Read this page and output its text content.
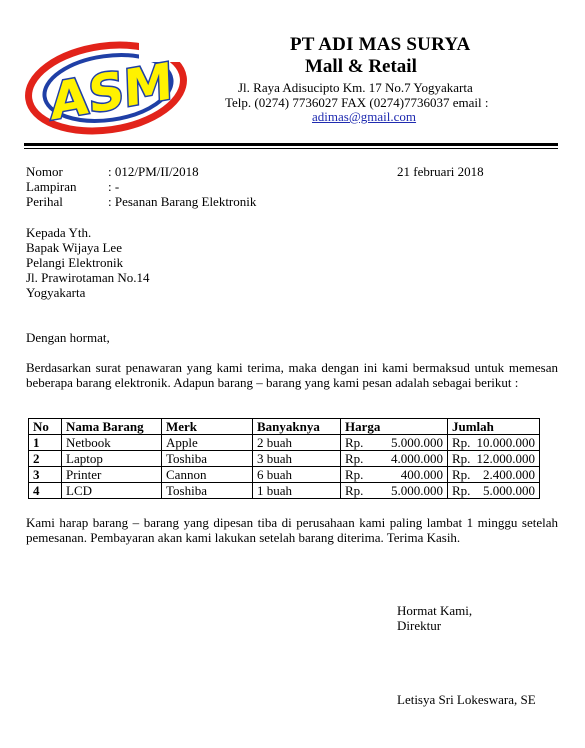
ASM
PT ADI MAS SURYA
Mall & Retail
Jl. Raya Adisucipto Km. 17 No.7 Yogyakarta
Telp. (0274) 7736027 FAX (0274)7736037 email :
adimas@gmail.com
Nomor	: 012/PM/II/2018	21 februari 2018
Lampiran : -
Perihal	: Pesanan Barang Elektronik
Kepada Yth.
Bapak Wijaya Lee
Pelangi Elektronik
Jl. Prawirotaman No.14
Yogyakarta
Dengan hormat,
Berdasarkan surat penawaran yang kami terima, maka dengan ini kami bermaksud untuk memesan beberapa barang elektronik. Adapun barang – barang yang kami pesan adalah sebagai berikut :
No	Nama Barang	Merk	Banyaknya	Harga	Jumlah
1	Netbook	Apple	2 buah	Rp. 5.000.000	Rp. 10.000.000

2	Laptop	Toshiba	3 buah	Rp. 4.000.000	Rp. 12.000.000

3	Printer	Cannon	6 buah	Rp. 400.000	Rp. 2.400.000

4	LCD	Toshiba	1 buah	Rp. 5.000.000	Rp. 5.000.000
Kami harap barang – barang yang dipesan tiba di perusahaan kami paling lambat 1 minggu setelah pemesanan. Pembayaran akan kami lakukan setelah barang diterima. Terima Kasih.
Hormat Kami,
Direktur
Letisya Sri Lokeswara, SE
